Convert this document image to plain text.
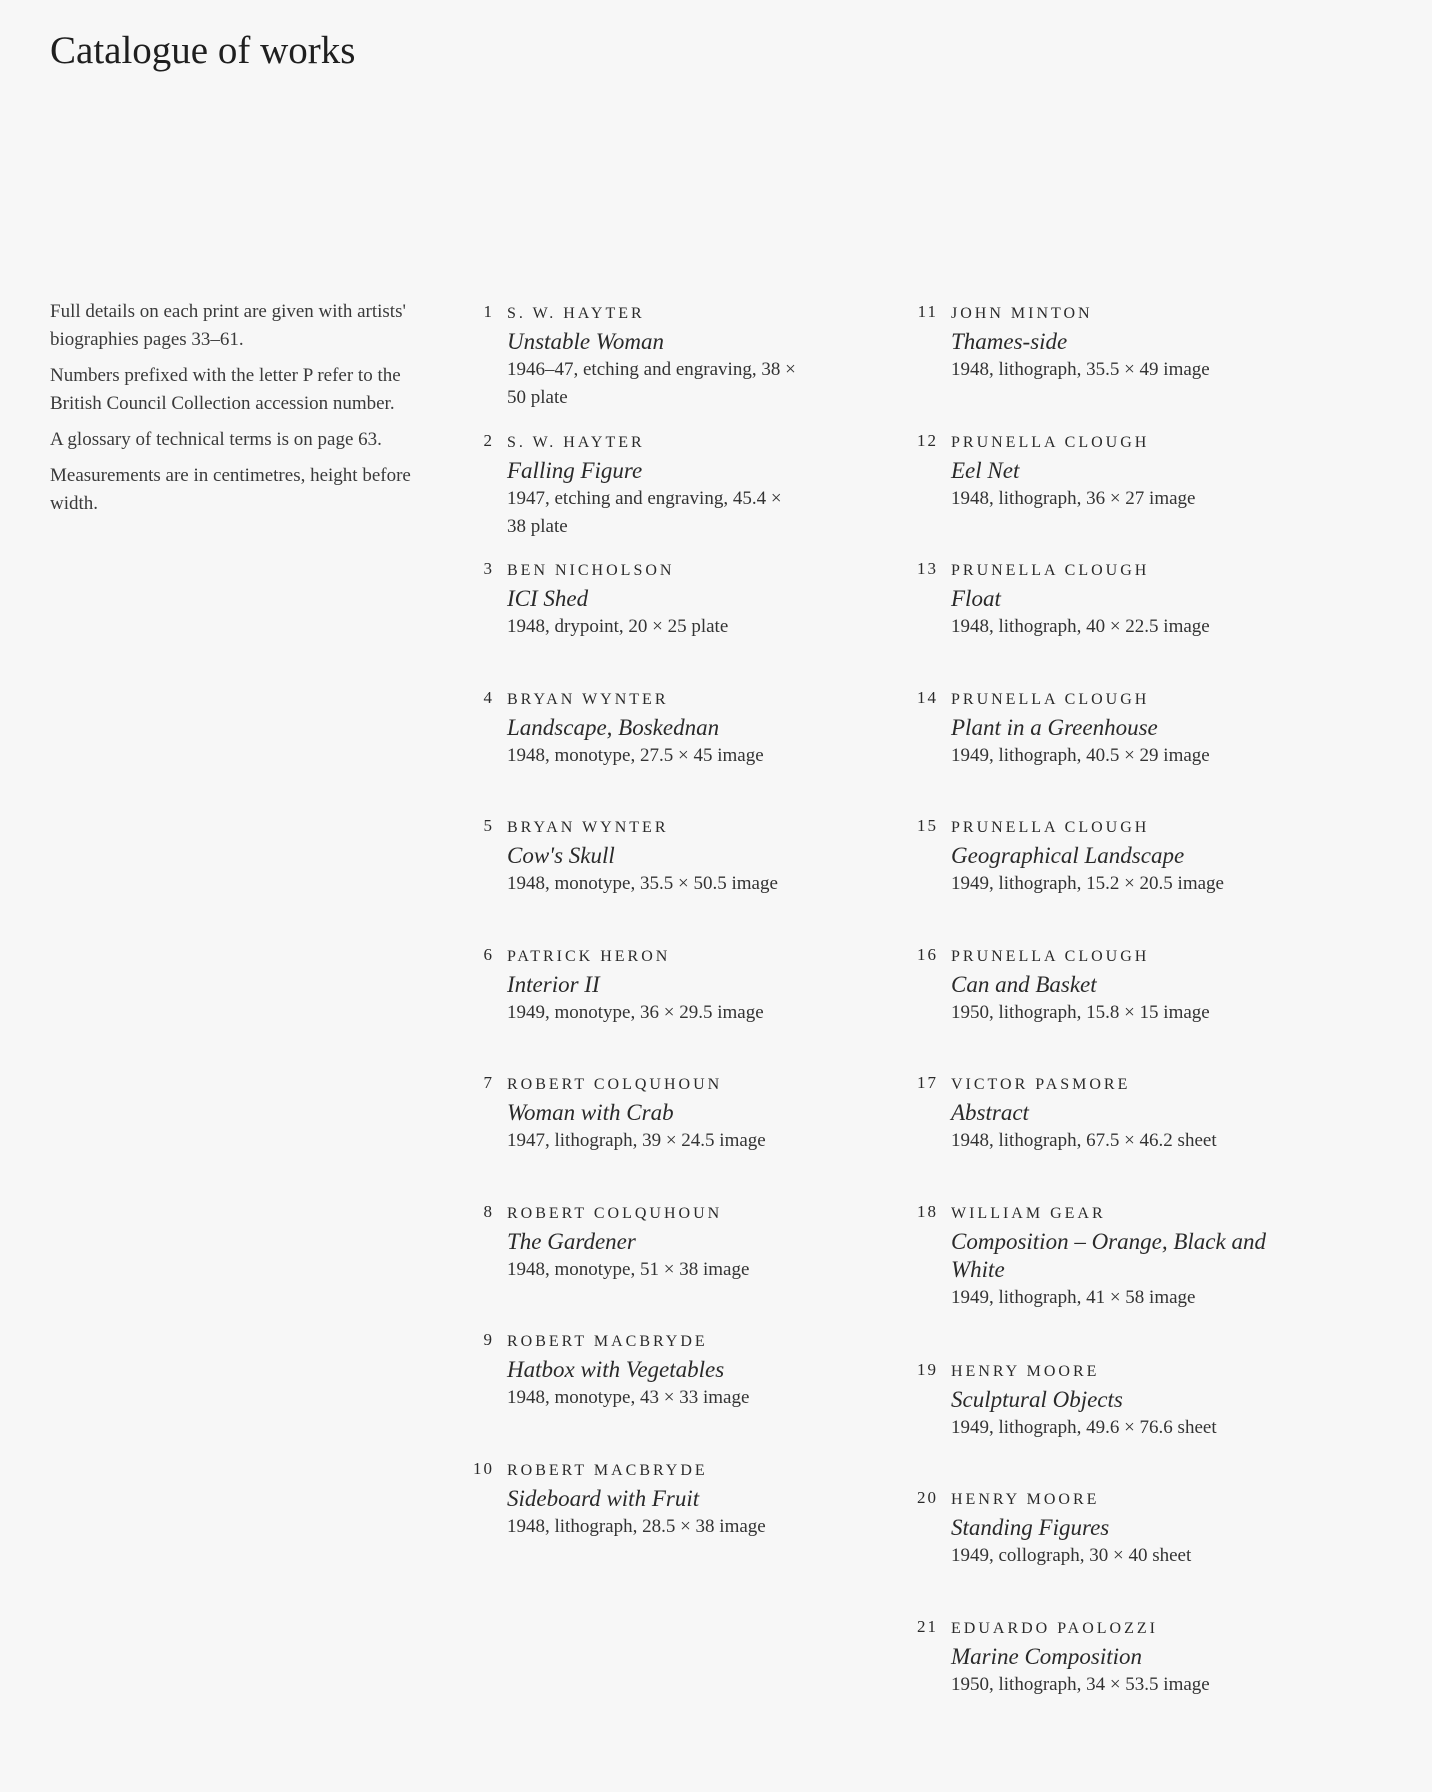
Catalogue of works

Full details on each print are given with artists' biographies pages 33–61.

Numbers prefixed with the letter P refer to the British Council Collection accession number.

A glossary of technical terms is on page 63.

Measurements are in centimetres, height before width.

1 S. W. HAYTER
Unstable Woman
1946–47, etching and engraving, 38 × 50 plate
2 S. W. HAYTER
Falling Figure
1947, etching and engraving, 45.4 × 38 plate
3 BEN NICHOLSON
ICI Shed
1948, drypoint, 20 × 25 plate
4 BRYAN WYNTER
Landscape, Boskednan
1948, monotype, 27.5 × 45 image
5 BRYAN WYNTER
Cow's Skull
1948, monotype, 35.5 × 50.5 image
6 PATRICK HERON
Interior II
1949, monotype, 36 × 29.5 image
7 ROBERT COLQUHOUN
Woman with Crab
1947, lithograph, 39 × 24.5 image
8 ROBERT COLQUHOUN
The Gardener
1948, monotype, 51 × 38 image
9 ROBERT MACBRYDE
Hatbox with Vegetables
1948, monotype, 43 × 33 image
10 ROBERT MACBRYDE
Sideboard with Fruit
1948, lithograph, 28.5 × 38 image
11 JOHN MINTON
Thames-side
1948, lithograph, 35.5 × 49 image
12 PRUNELLA CLOUGH
Eel Net
1948, lithograph, 36 × 27 image
13 PRUNELLA CLOUGH
Float
1948, lithograph, 40 × 22.5 image
14 PRUNELLA CLOUGH
Plant in a Greenhouse
1949, lithograph, 40.5 × 29 image
15 PRUNELLA CLOUGH
Geographical Landscape
1949, lithograph, 15.2 × 20.5 image
16 PRUNELLA CLOUGH
Can and Basket
1950, lithograph, 15.8 × 15 image
17 VICTOR PASMORE
Abstract
1948, lithograph, 67.5 × 46.2 sheet
18 WILLIAM GEAR
Composition – Orange, Black and White
1949, lithograph, 41 × 58 image
19 HENRY MOORE
Sculptural Objects
1949, lithograph, 49.6 × 76.6 sheet
20 HENRY MOORE
Standing Figures
1949, collograph, 30 × 40 sheet
21 EDUARDO PAOLOZZI
Marine Composition
1950, lithograph, 34 × 53.5 image
